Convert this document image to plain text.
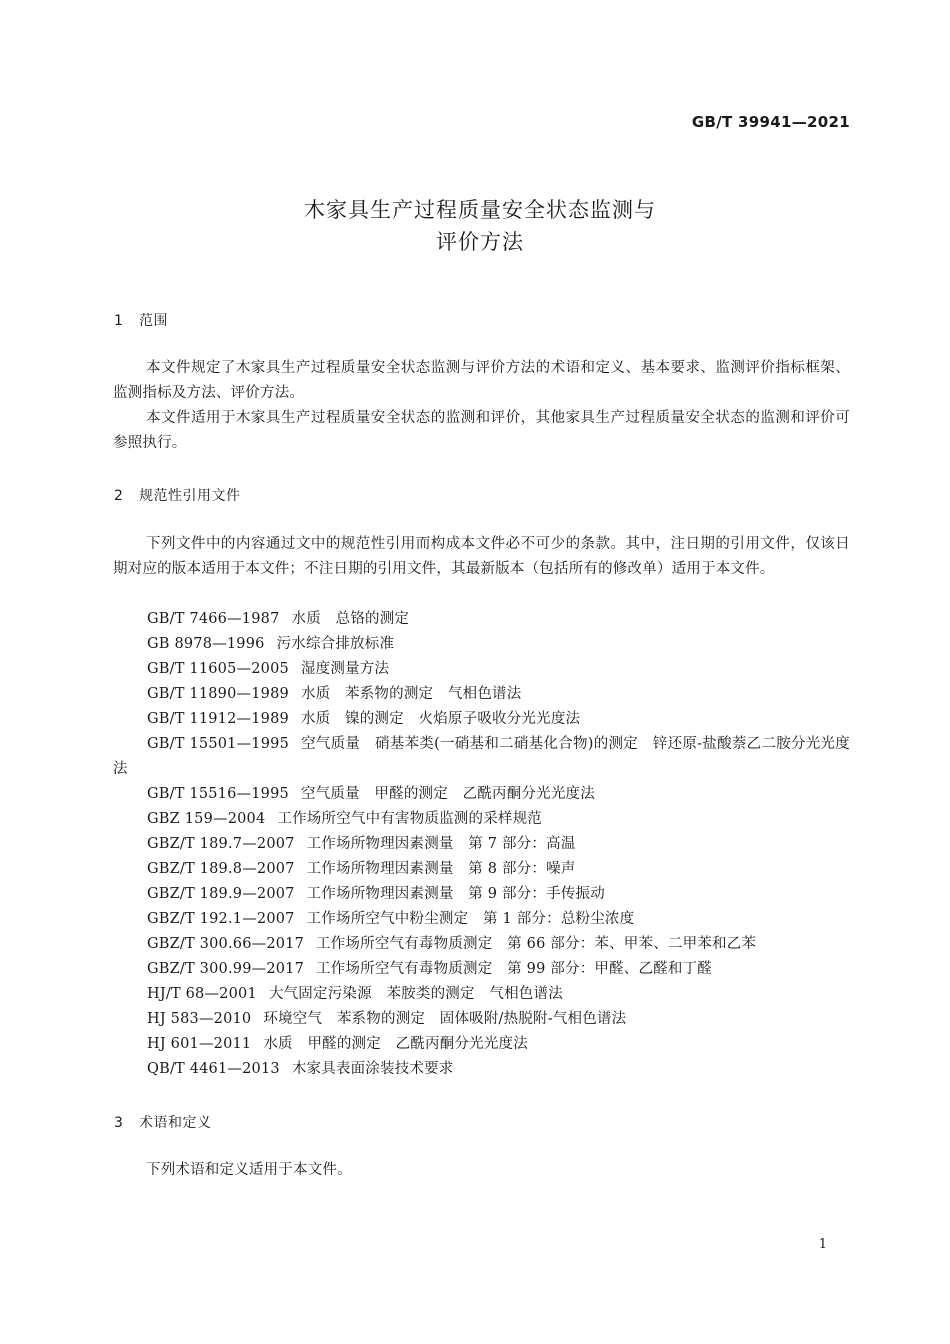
GB/T 39941—2021
木家具生产过程质量安全状态监测与
评价方法
1 范围

本文件规定了木家具生产过程质量安全状态监测与评价方法的术语和定义、基本要求、监测评价指标框架、监测指标及方法、评价方法。

本文件适用于木家具生产过程质量安全状态的监测和评价，其他家具生产过程质量安全状态的监测和评价可参照执行。

2 规范性引用文件

下列文件中的内容通过文中的规范性引用而构成本文件必不可少的条款。其中，注日期的引用文件，仅该日期对应的版本适用于本文件；不注日期的引用文件，其最新版本（包括所有的修改单）适用于本文件。

GB/T 7466—1987 水质　总铬的测定
GB 8978—1996 污水综合排放标准
GB/T 11605—2005 湿度测量方法
GB/T 11890—1989 水质　苯系物的测定　气相色谱法
GB/T 11912—1989 水质　镍的测定　火焰原子吸收分光光度法
GB/T 15501—1995 空气质量　硝基苯类(一硝基和二硝基化合物)的测定　锌还原-盐酸萘乙二胺分光光度法
GB/T 15516—1995 空气质量　甲醛的测定　乙酰丙酮分光光度法
GBZ 159—2004 工作场所空气中有害物质监测的采样规范
GBZ/T 189.7—2007 工作场所物理因素测量　第 7 部分：高温
GBZ/T 189.8—2007 工作场所物理因素测量　第 8 部分：噪声
GBZ/T 189.9—2007 工作场所物理因素测量　第 9 部分：手传振动
GBZ/T 192.1—2007 工作场所空气中粉尘测定　第 1 部分：总粉尘浓度
GBZ/T 300.66—2017 工作场所空气有毒物质测定　第 66 部分：苯、甲苯、二甲苯和乙苯
GBZ/T 300.99—2017 工作场所空气有毒物质测定　第 99 部分：甲醛、乙醛和丁醛
HJ/T 68—2001 大气固定污染源　苯胺类的测定　气相色谱法
HJ 583—2010 环境空气　苯系物的测定　固体吸附/热脱附-气相色谱法
HJ 601—2011 水质　甲醛的测定　乙酰丙酮分光光度法
QB/T 4461—2013 木家具表面涂装技术要求
3 术语和定义

下列术语和定义适用于本文件。

1
